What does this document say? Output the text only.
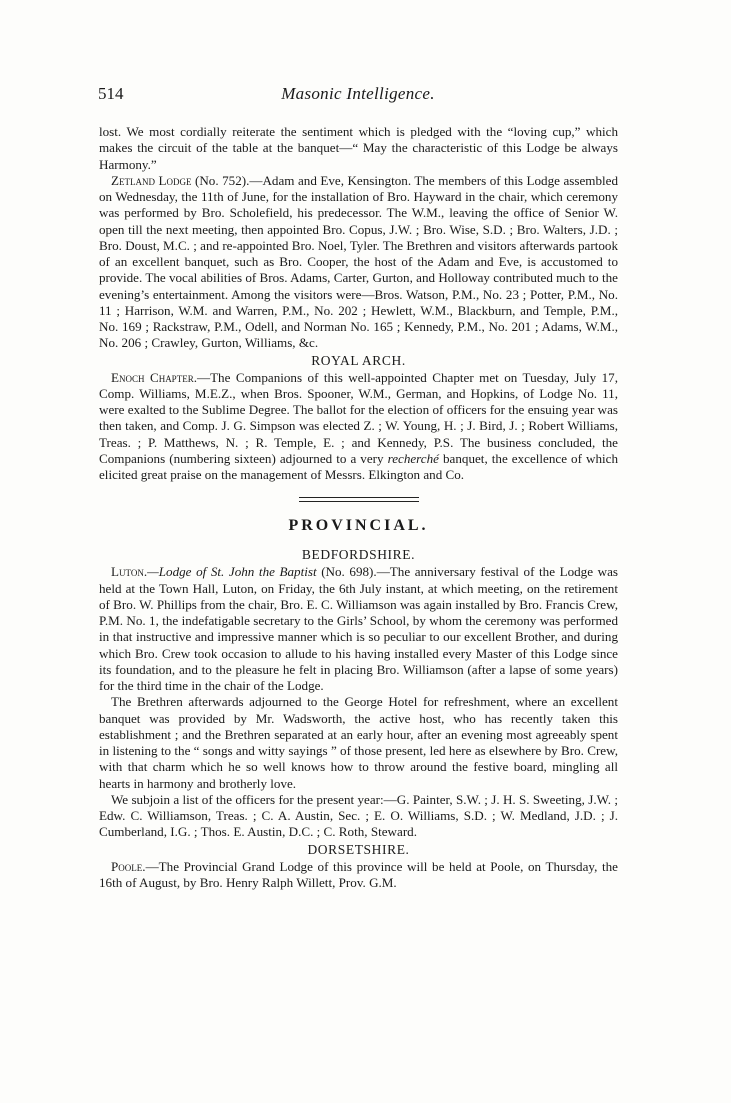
514	Masonic Intelligence.

lost. We most cordially reiterate the sentiment which is pledged with the “loving cup,” which makes the circuit of the table at the banquet—“ May the characteristic of this Lodge be always Harmony.”

Zetland Lodge (No. 752).—Adam and Eve, Kensington. The members of this Lodge assembled on Wednesday, the 11th of June, for the installation of Bro. Hayward in the chair, which ceremony was performed by Bro. Scholefield, his predecessor. The W.M., leaving the office of Senior W. open till the next meeting, then appointed Bro. Copus, J.W. ; Bro. Wise, S.D. ; Bro. Walters, J.D. ; Bro. Doust, M.C. ; and re-appointed Bro. Noel, Tyler. The Brethren and visitors afterwards partook of an excellent banquet, such as Bro. Cooper, the host of the Adam and Eve, is accustomed to provide. The vocal abilities of Bros. Adams, Carter, Gurton, and Holloway contributed much to the evening’s entertainment. Among the visitors were—Bros. Watson, P.M., No. 23 ; Potter, P.M., No. 11 ; Harrison, W.M. and Warren, P.M., No. 202 ; Hewlett, W.M., Blackburn, and Temple, P.M., No. 169 ; Rackstraw, P.M., Odell, and Norman No. 165 ; Kennedy, P.M., No. 201 ; Adams, W.M., No. 206 ; Crawley, Gurton, Williams, &c.

ROYAL ARCH.

Enoch Chapter.—The Companions of this well-appointed Chapter met on Tuesday, July 17, Comp. Williams, M.E.Z., when Bros. Spooner, W.M., German, and Hopkins, of Lodge No. 11, were exalted to the Sublime Degree. The ballot for the election of officers for the ensuing year was then taken, and Comp. J. G. Simpson was elected Z. ; W. Young, H. ; J. Bird, J. ; Robert Williams, Treas. ; P. Matthews, N. ; R. Temple, E. ; and Kennedy, P.S. The business concluded, the Companions (numbering sixteen) adjourned to a very recherché banquet, the excellence of which elicited great praise on the management of Messrs. Elkington and Co.

PROVINCIAL.
BEDFORDSHIRE.

Luton.—Lodge of St. John the Baptist (No. 698).—The anniversary festival of the Lodge was held at the Town Hall, Luton, on Friday, the 6th July instant, at which meeting, on the retirement of Bro. W. Phillips from the chair, Bro. E. C. Williamson was again installed by Bro. Francis Crew, P.M. No. 1, the indefatigable secretary to the Girls’ School, by whom the ceremony was performed in that instructive and impressive manner which is so peculiar to our excellent Brother, and during which Bro. Crew took occasion to allude to his having installed every Master of this Lodge since its foundation, and to the pleasure he felt in placing Bro. Williamson (after a lapse of some years) for the third time in the chair of the Lodge.

The Brethren afterwards adjourned to the George Hotel for refreshment, where an excellent banquet was provided by Mr. Wadsworth, the active host, who has recently taken this establishment ; and the Brethren separated at an early hour, after an evening most agreeably spent in listening to the “ songs and witty sayings ” of those present, led here as elsewhere by Bro. Crew, with that charm which he so well knows how to throw around the festive board, mingling all hearts in harmony and brotherly love.

We subjoin a list of the officers for the present year:—G. Painter, S.W. ; J. H. S. Sweeting, J.W. ; Edw. C. Williamson, Treas. ; C. A. Austin, Sec. ; E. O. Williams, S.D. ; W. Medland, J.D. ; J. Cumberland, I.G. ; Thos. E. Austin, D.C. ; C. Roth, Steward.

DORSETSHIRE.

Poole.—The Provincial Grand Lodge of this province will be held at Poole, on Thursday, the 16th of August, by Bro. Henry Ralph Willett, Prov. G.M.
